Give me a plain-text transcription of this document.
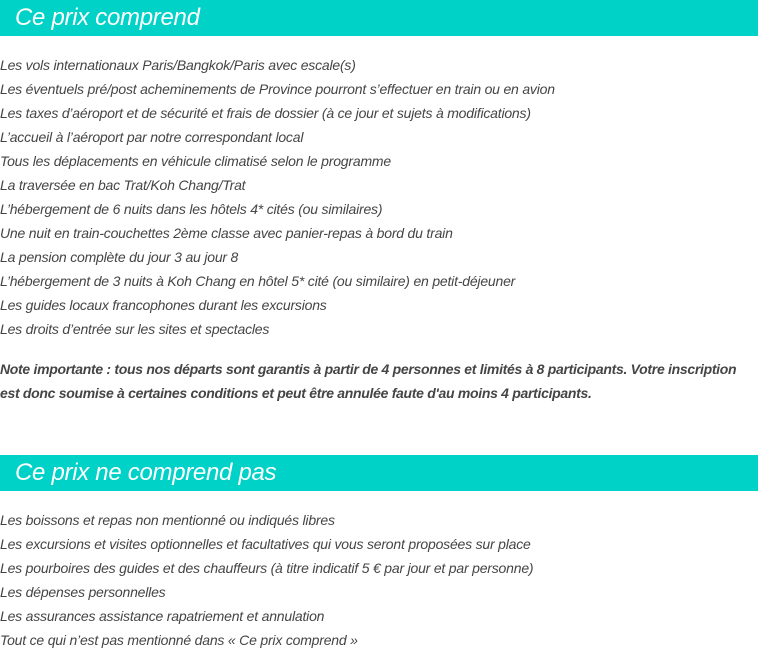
Ce prix comprend
Les vols internationaux Paris/Bangkok/Paris avec escale(s)
Les éventuels pré/post acheminements de Province pourront s’effectuer en train ou en avion
Les taxes d’aéroport et de sécurité et frais de dossier (à ce jour et sujets à modifications)
L’accueil à l’aéroport par notre correspondant local
Tous les déplacements en véhicule climatisé selon le programme
La traversée en bac Trat/Koh Chang/Trat
L’hébergement de 6 nuits dans les hôtels 4* cités (ou similaires)
Une nuit en train-couchettes 2ème classe avec panier-repas à bord du train
La pension complète du jour 3 au jour 8
L’hébergement de 3 nuits à Koh Chang en hôtel 5* cité (ou similaire) en petit-déjeuner
Les guides locaux francophones durant les excursions
Les droits d’entrée sur les sites et spectacles
Note importante : tous nos départs sont garantis à partir de 4 personnes et limités à 8 participants. Votre inscription est donc soumise à certaines conditions et peut être annulée faute d'au moins 4 participants.
Ce prix ne comprend pas
Les boissons et repas non mentionné ou indiqués libres
Les excursions et visites optionnelles et facultatives qui vous seront proposées sur place
Les pourboires des guides et des chauffeurs (à titre indicatif 5 € par jour et par personne)
Les dépenses personnelles
Les assurances assistance rapatriement et annulation
Tout ce qui n’est pas mentionné dans « Ce prix comprend »
